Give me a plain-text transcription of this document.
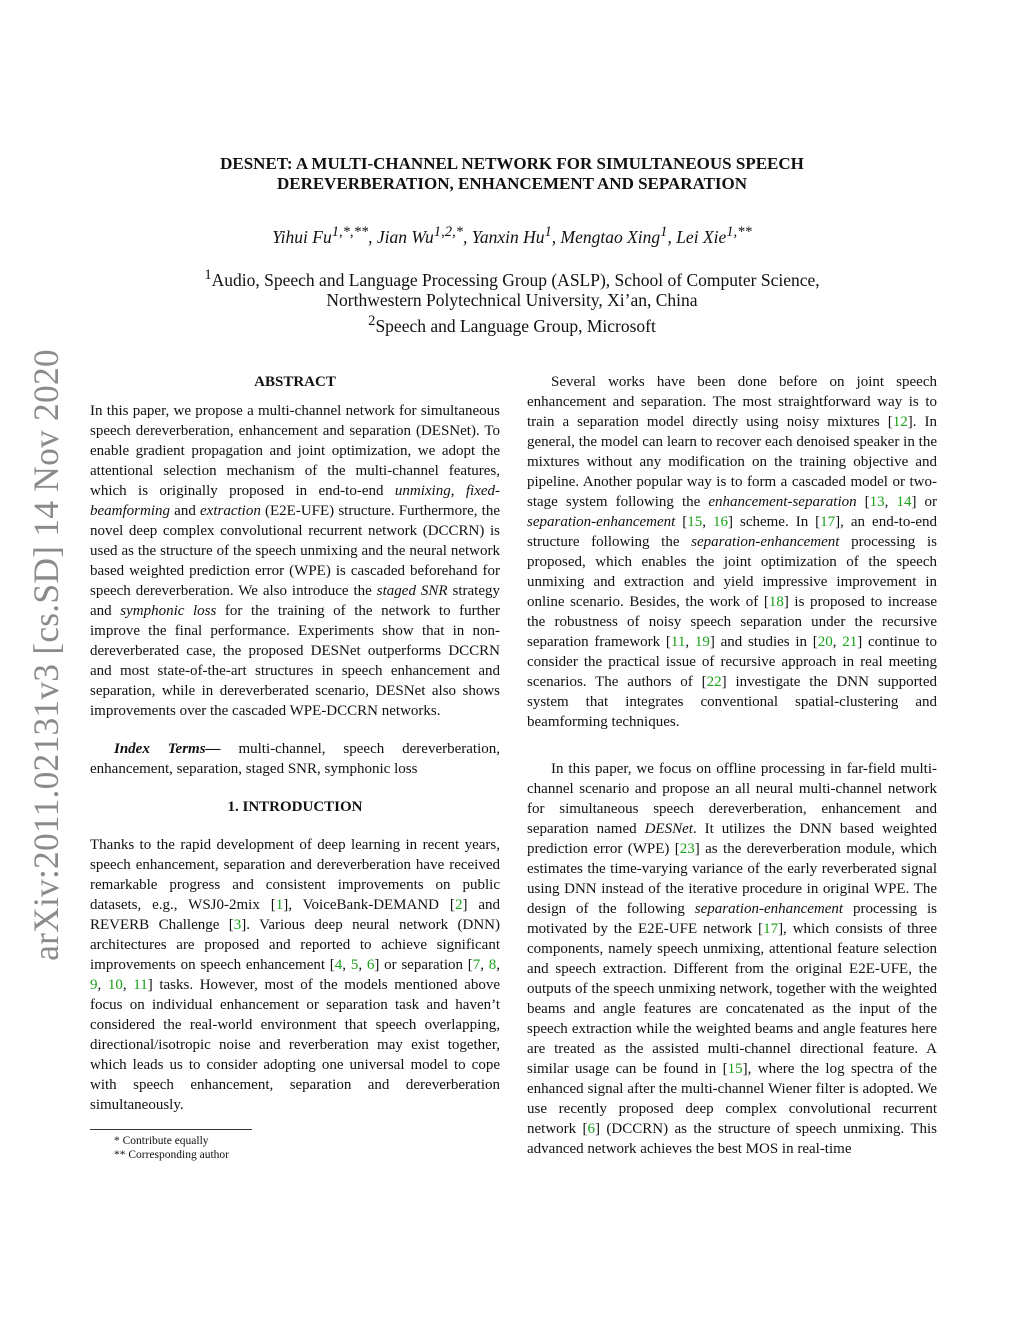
DESNET: A MULTI-CHANNEL NETWORK FOR SIMULTANEOUS SPEECH
DEREVERBERATION, ENHANCEMENT AND SEPARATION
Yihui $Fu^{1,*,**}$, Jian $Wu^{1,2,*}$, Yanxin Hu$^1$, Mengtao Xing$^1$, Lei Xie$^{1,**}$
$^1$Audio, Speech and Language Processing Group (ASLP), School of Computer Science,
Northwestern Polytechnical University, Xi’an, China
$^2$Speech and Language Group, Microsoft
arXiv:2011.02131v3 [cs.SD] 14 Nov 2020	ABSTRACT

In this paper, we propose a multi-channel network for simultaneous speech dereverberation, enhancement and separation (DESNet). To enable gradient propagation and joint optimization, we adopt the attentional selection mechanism of the multi-channel features, which is originally proposed in end-to-end unmixing, fixed-beamforming and extraction (E2E-UFE) structure. Furthermore, the novel deep complex convolutional recurrent network (DCCRN) is used as the structure of the speech unmixing and the neural network based weighted prediction error (WPE) is cascaded beforehand for speech dereverberation. We also introduce the staged SNR strategy and symphonic loss for the training of the network to further improve the final performance. Experiments show that in non-dereverberated case, the proposed DESNet outperforms DCCRN and most state-of-the-art structures in speech enhancement and separation, while in dereverberated scenario, DESNet also shows improvements over the cascaded WPE-DCCRN networks.

Index Terms— multi-channel, speech dereverberation, enhancement, separation, staged SNR, symphonic loss

1. INTRODUCTION

Thanks to the rapid development of deep learning in recent years, speech enhancement, separation and dereverberation have received remarkable progress and consistent improvements on public datasets, e.g., WSJ0-2mix [1], VoiceBank-DEMAND [2] and REVERB Challenge [3]. Various deep neural network (DNN) architectures are proposed and reported to achieve significant improvements on speech enhancement [4, 5, 6] or separation [7, 8, 9, 10, 11] tasks. However, most of the models mentioned above focus on individual enhancement or separation task and haven’t considered the real-world environment that speech overlapping, directional/isotropic noise and reverberation may exist together, which leads us to consider adopting one universal model to cope with speech enhancement, separation and dereverberation simultaneously.

* Contribute equally
** Corresponding author

Several works have been done before on joint speech enhancement and separation. The most straightforward way is to train a separation model directly using noisy mixtures [12]. In general, the model can learn to recover each denoised speaker in the mixtures without any modification on the training objective and pipeline. Another popular way is to form a cascaded model or two-stage system following the enhancement-separation [13, 14] or separation-enhancement [15, 16] scheme. In [17], an end-to-end structure following the separation-enhancement processing is proposed, which enables the joint optimization of the speech unmixing and extraction and yield impressive improvement in online scenario. Besides, the work of [18] is proposed to increase the robustness of noisy speech separation under the recursive separation framework [11, 19] and studies in [20, 21] continue to consider the practical issue of recursive approach in real meeting scenarios. The authors of [22] investigate the DNN supported system that integrates conventional spatial-clustering and beamforming techniques.

In this paper, we focus on offline processing in far-field multi-channel scenario and propose an all neural multi-channel network for simultaneous speech dereverberation, enhancement and separation named DESNet. It utilizes the DNN based weighted prediction error (WPE) [23] as the dereverberation module, which estimates the time-varying variance of the early reverberated signal using DNN instead of the iterative procedure in original WPE. The design of the following separation-enhancement processing is motivated by the E2E-UFE network [17], which consists of three components, namely speech unmixing, attentional feature selection and speech extraction. Different from the original E2E-UFE, the outputs of the speech unmixing network, together with the weighted beams and angle features are concatenated as the input of the speech extraction while the weighted beams and angle features here are treated as the assisted multi-channel directional feature. A similar usage can be found in [15], where the log spectra of the enhanced signal after the multi-channel Wiener filter is adopted. We use recently proposed deep complex convolutional recurrent network [6] (DCCRN) as the structure of speech unmixing. This advanced network achieves the best MOS in real-time
